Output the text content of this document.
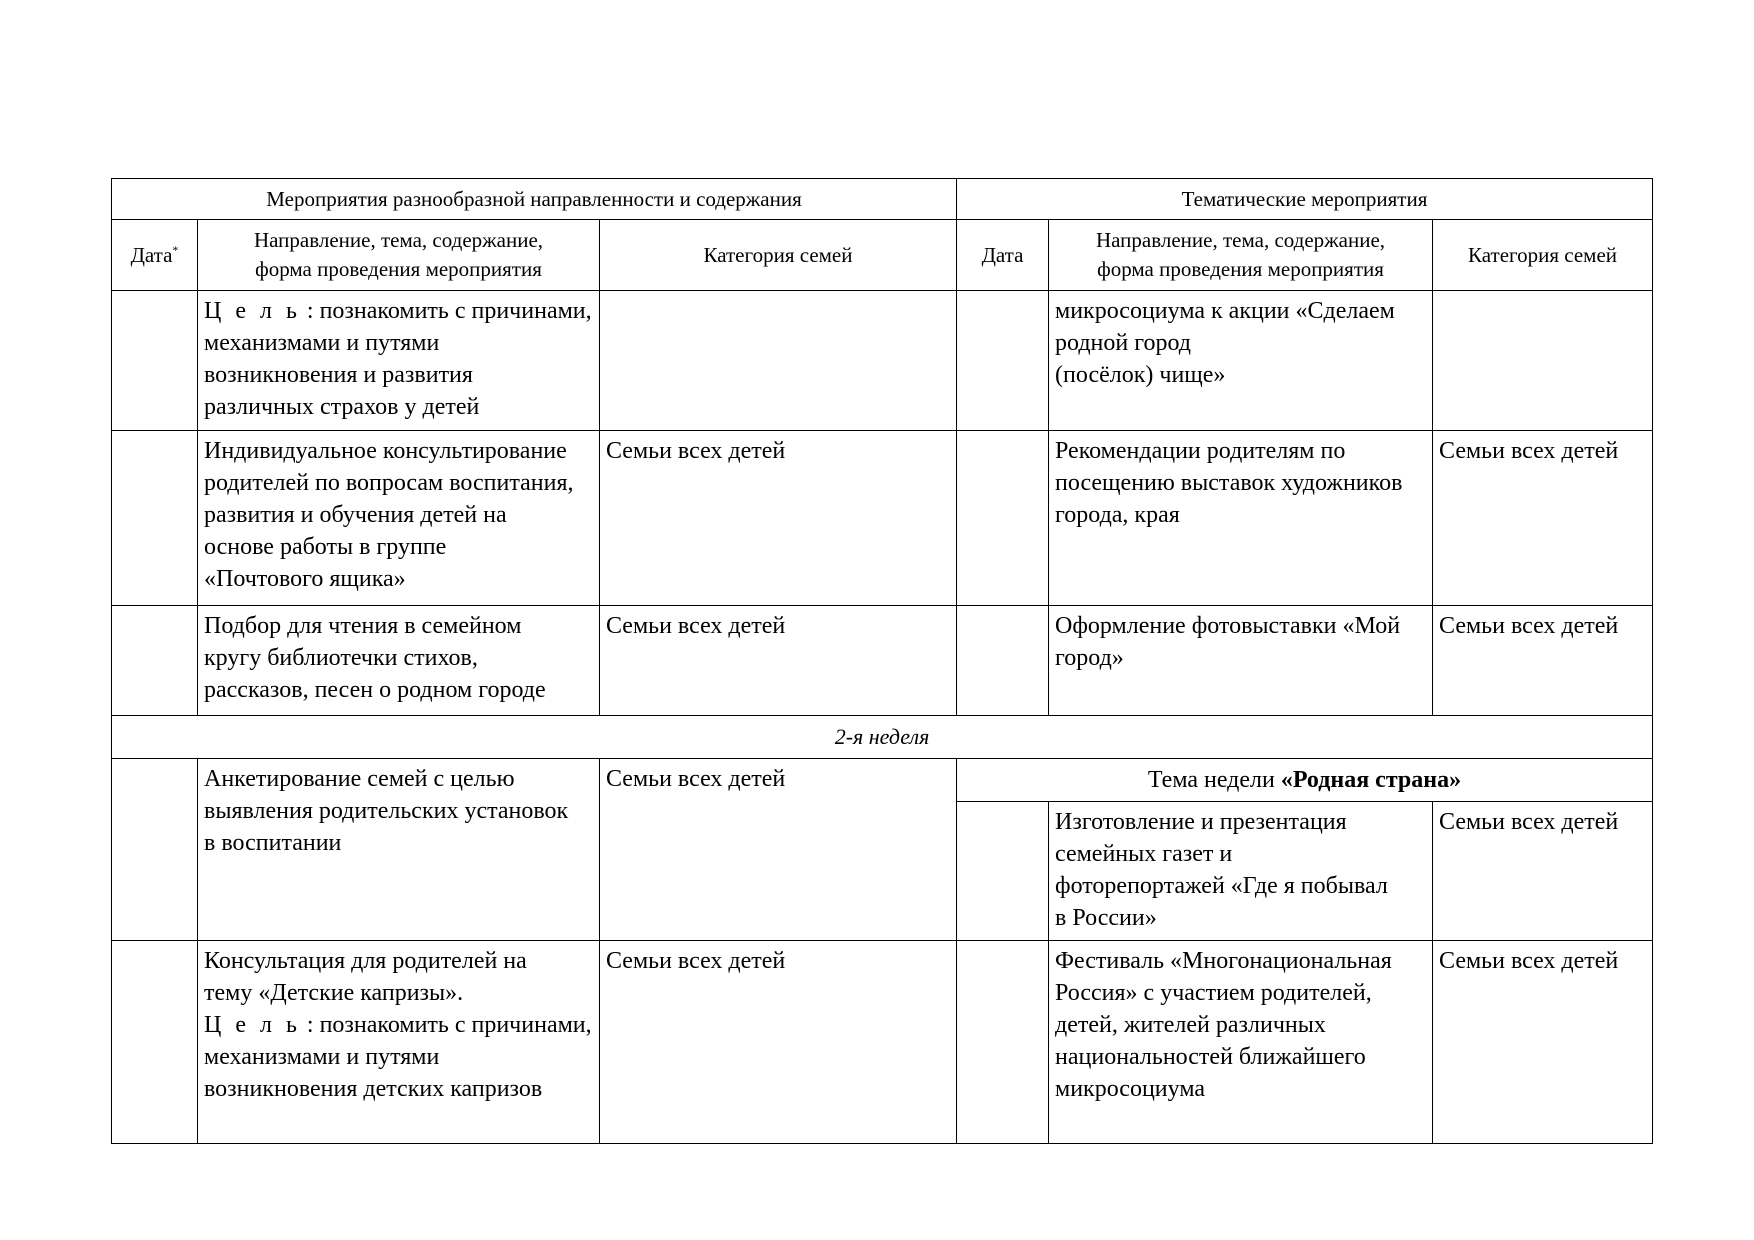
Мероприятия разнообразной направленности и содержания			Тематические мероприятия		
Дата*	Направление, тема, содержание,
форма проведения мероприятия	Категория семей	Дата	Направление, тема, содержание,
форма проведения мероприятия	Категория семей
	Ц е л ь : познакомить с причинами,
механизмами и путями
возникновения и развития
различных страхов у детей			микросоциума к акции «Сделаем
родной город
(посёлок) чище»	
	Индивидуальное консультирование
родителей по вопросам воспитания,
развития и обучения детей на
основе работы в группе
«Почтового ящика»	Семьи всех детей		Рекомендации родителям по
посещению выставок художников
города, края	Семьи всех детей
	Подбор для чтения в семейном
кругу библиотечки стихов,
рассказов, песен о родном городе	Семьи всех детей		Оформление фотовыставки «Мой
город»	Семьи всех детей
2-я неделя					
	Анкетирование семей с целью
выявления родительских установок
в воспитании	Семьи всех детей	Тема недели «Родная страна»		
				Изготовление и презентация
семейных газет и
фоторепортажей «Где я побывал
в России»	Семьи всех детей
	Консультация для родителей на
тему «Детские капризы».
Ц е л ь : познакомить с причинами,
механизмами и путями
возникновения детских капризов	Семьи всех детей		Фестиваль «Многонациональная
Россия» с участием родителей,
детей, жителей различных
национальностей ближайшего
микросоциума	Семьи всех детей
